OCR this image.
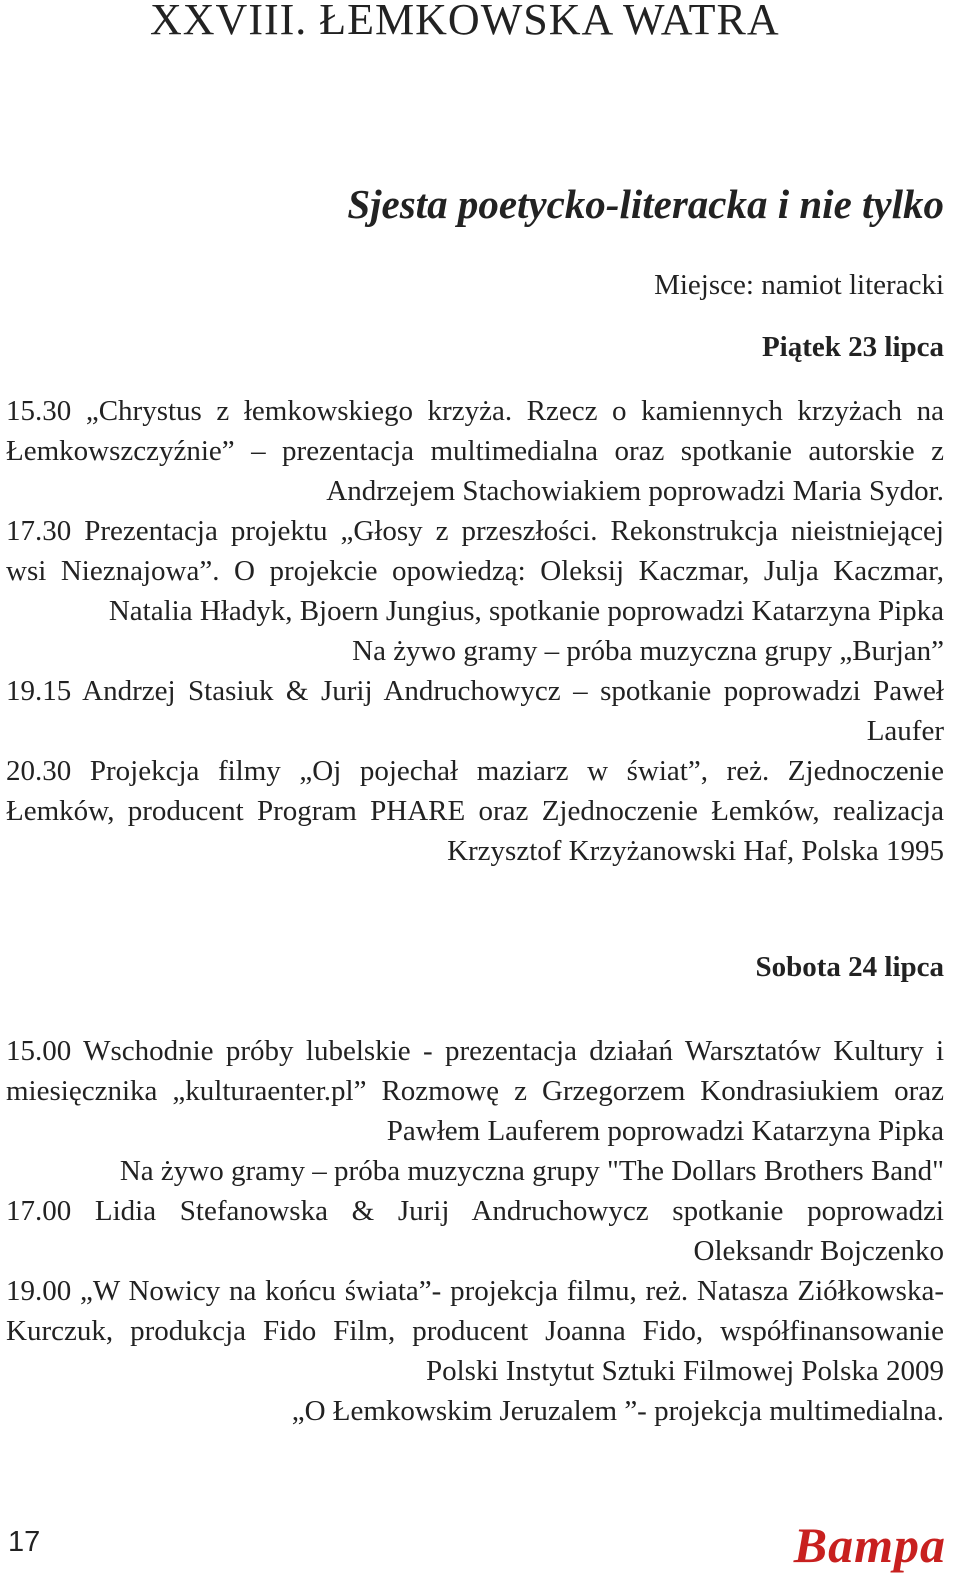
XXVIII. ŁEMKOWSKA WATRA
Sjesta poetycko-literacka i nie tylko
Miejsce: namiot literacki
Piątek 23 lipca

15.30 „Chrystus z łemkowskiego krzyża. Rzecz o kamiennych krzyżach na Łemkowszczyźnie” – prezentacja multimedialna oraz spotkanie autorskie z Andrzejem Stachowiakiem poprowadzi Maria Sydor.

17.30 Prezentacja projektu „Głosy z przeszłości. Rekonstrukcja nieistniejącej wsi Nieznajowa”. O projekcie opowiedzą: Oleksij Kaczmar, Julja Kaczmar, Natalia Hładyk, Bjoern Jungius, spotkanie poprowadzi Katarzyna Pipka

Na żywo gramy – próba muzyczna grupy „Burjan”

19.15 Andrzej Stasiuk & Jurij Andruchowycz – spotkanie poprowadzi Paweł Laufer

20.30 Projekcja filmy „Oj pojechał maziarz w świat”, reż. Zjednoczenie Łemków, producent Program PHARE oraz Zjednoczenie Łemków, realizacja Krzysztof Krzyżanowski Haf, Polska 1995

Sobota 24 lipca

15.00 Wschodnie próby lubelskie - prezentacja działań Warsztatów Kultury i miesięcznika „kulturaenter.pl” Rozmowę z Grzegorzem Kondrasiukiem oraz Pawłem Lauferem poprowadzi Katarzyna Pipka

Na żywo gramy – próba muzyczna grupy "The Dollars Brothers Band"

17.00 Lidia Stefanowska & Jurij Andruchowycz spotkanie poprowadzi Oleksandr Bojczenko

19.00 „W Nowicy na końcu świata”- projekcja filmu, reż. Natasza Ziółkowska-Kurczuk, produkcja Fido Film, producent Joanna Fido, współfinansowanie Polski Instytut Sztuki Filmowej Polska 2009

„O Łemkowskim Jeruzalem ”- projekcja multimedialna.

17	Ватра
